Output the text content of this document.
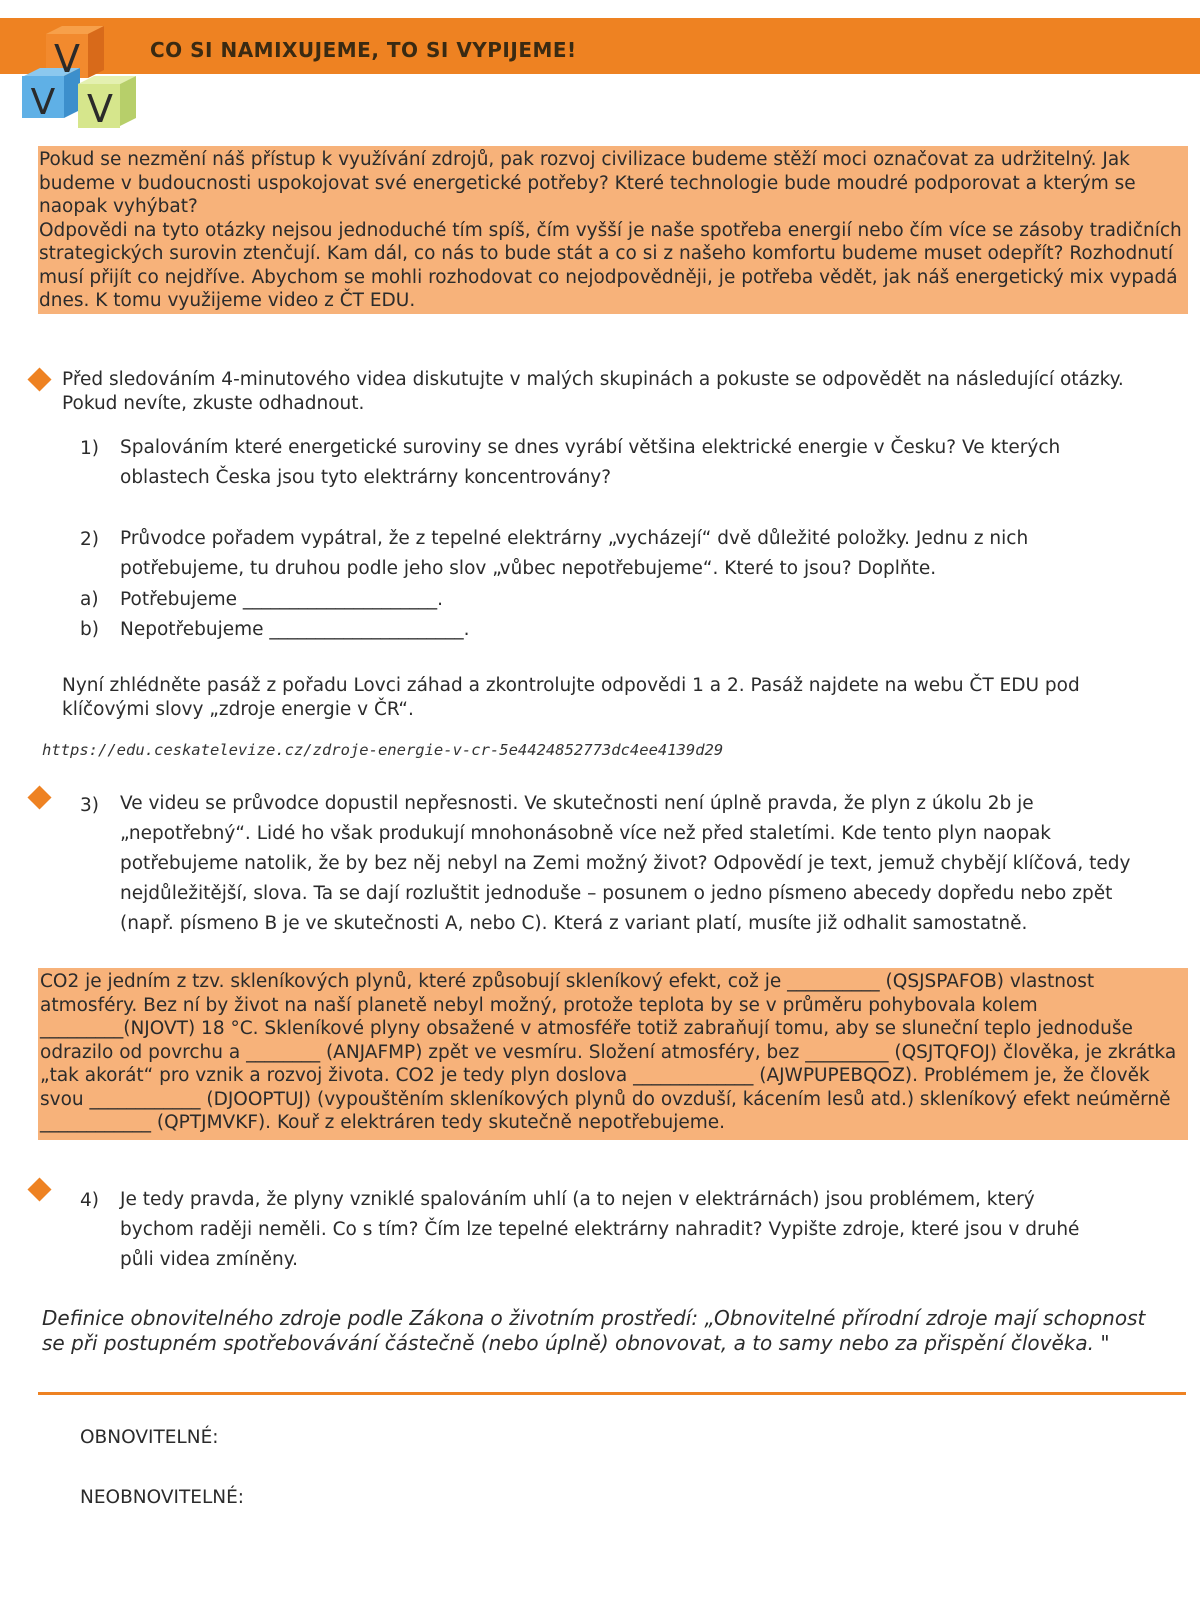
CO SI NAMIXUJEME, TO SI VYPIJEME!
V
V V

Pokud se nezmění náš přístup k využívání zdrojů, pak rozvoj civilizace budeme stěží moci označovat za udržitelný. Jak budeme v budoucnosti uspokojovat své energetické potřeby? Které technologie bude moudré podporovat a kterým se naopak vyhýbat?

Odpovědi na tyto otázky nejsou jednoduché tím spíš, čím vyšší je naše spotřeba energií nebo čím více se zásoby tradičních strategických surovin ztenčují. Kam dál, co nás to bude stát a co si z našeho komfortu budeme muset odepřít? Rozhodnutí musí přijít co nejdříve. Abychom se mohli rozhodovat co nejodpovědněji, je potřeba vědět, jak náš energetický mix vypadá dnes. K tomu využijeme video z ČT EDU.

Před sledováním 4-minutového videa diskutujte v malých skupinách a pokuste se odpovědět na následující otázky. Pokud nevíte, zkuste odhadnout.
1) Spalováním které energetické suroviny se dnes vyrábí většina elektrické energie v Česku? Ve kterých oblastech Česka jsou tyto elektrárny koncentrovány?
2) Průvodce pořadem vypátral, že z tepelné elektrárny „vycházejí“ dvě důležité položky. Jednu z nich potřebujeme, tu druhou podle jeho slov „vůbec nepotřebujeme“. Které to jsou? Doplňte.
a) Potřebujeme _____________________.
b) Nepotřebujeme _____________________.
Nyní zhlédněte pasáž z pořadu Lovci záhad a zkontrolujte odpovědi 1 a 2. Pasáž najdete na webu ČT EDU pod klíčovými slovy „zdroje energie v ČR“.
https://edu.ceskatelevize.cz/zdroje-energie-v-cr-5e4424852773dc4ee4139d29
3) Ve videu se průvodce dopustil nepřesnosti. Ve skutečnosti není úplně pravda, že plyn z úkolu 2b je „nepotřebný“. Lidé ho však produkují mnohonásobně více než před staletími. Kde tento plyn naopak potřebujeme natolik, že by bez něj nebyl na Zemi možný život? Odpovědí je text, jemuž chybějí klíčová, tedy nejdůležitější, slova. Ta se dají rozluštit jednoduše – posunem o jedno písmeno abecedy dopředu nebo zpět (např. písmeno B je ve skutečnosti A, nebo C). Která z variant platí, musíte již odhalit samostatně.
CO2 je jedním z tzv. skleníkových plynů, které způsobují skleníkový efekt, což je __________ (QSJSPAFOB) vlastnost atmosféry. Bez ní by život na naší planetě nebyl možný, protože teplota by se v průměru pohybovala kolem _________(NJOVT) 18 °C. Skleníkové plyny obsažené v atmosféře totiž zabraňují tomu, aby se sluneční teplo jednoduše odrazilo od povrchu a ________ (ANJAFMP) zpět ve vesmíru. Složení atmosféry, bez _________ (QSJTQFOJ) člověka, je zkrátka „tak akorát“ pro vznik a rozvoj života. CO2 je tedy plyn doslova _____________ (AJWPUPEBQOZ). Problémem je, že člověk svou ____________ (DJOOPTUJ) (vypouštěním skleníkových plynů do ovzduší, kácením lesů atd.) skleníkový efekt neúměrně ____________ (QPTJMVKF). Kouř z elektráren tedy skutečně nepotřebujeme.
4) Je tedy pravda, že plyny vzniklé spalováním uhlí (a to nejen v elektrárnách) jsou problémem, který bychom raději neměli. Co s tím? Čím lze tepelné elektrárny nahradit? Vypište zdroje, které jsou v druhé půli videa zmíněny.
Definice obnovitelného zdroje podle Zákona o životním prostředí: „Obnovitelné přírodní zdroje mají schopnost se při postupném spotřebovávání částečně (nebo úplně) obnovovat, a to samy nebo za přispění člověka. "
OBNOVITELNÉ:
NEOBNOVITELNÉ:
